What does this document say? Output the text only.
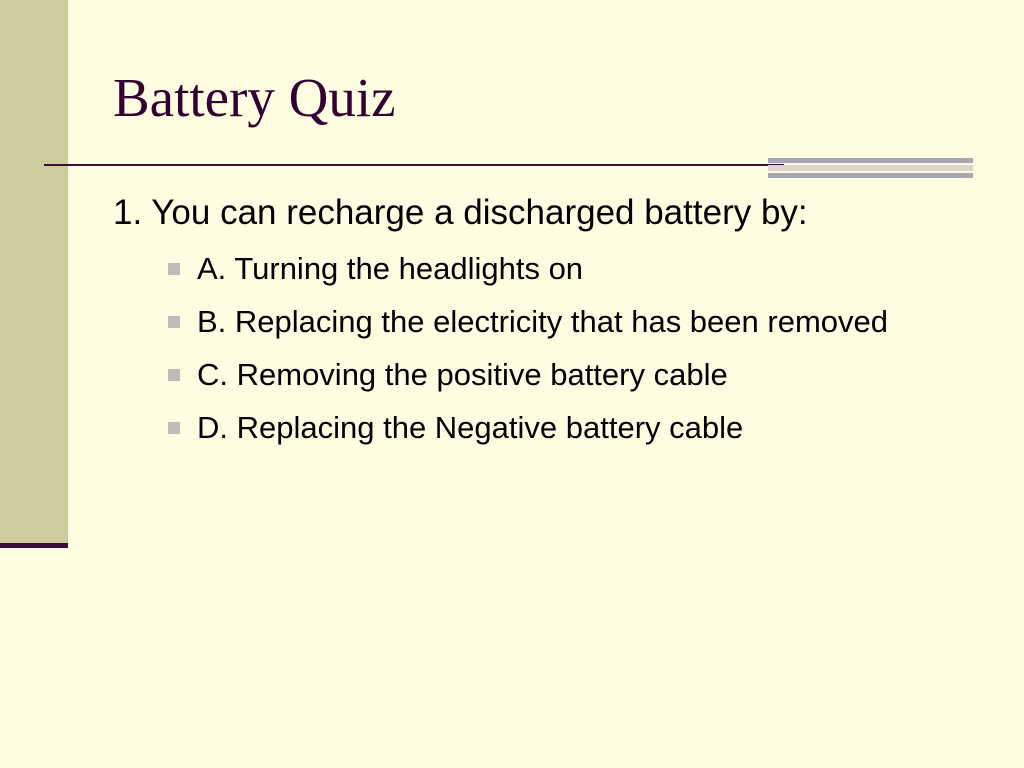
Battery Quiz

1. You can recharge a discharged battery by:

A. Turning the headlights on
B. Replacing the electricity that has been removed
C. Removing the positive battery cable
D. Replacing the Negative battery cable
